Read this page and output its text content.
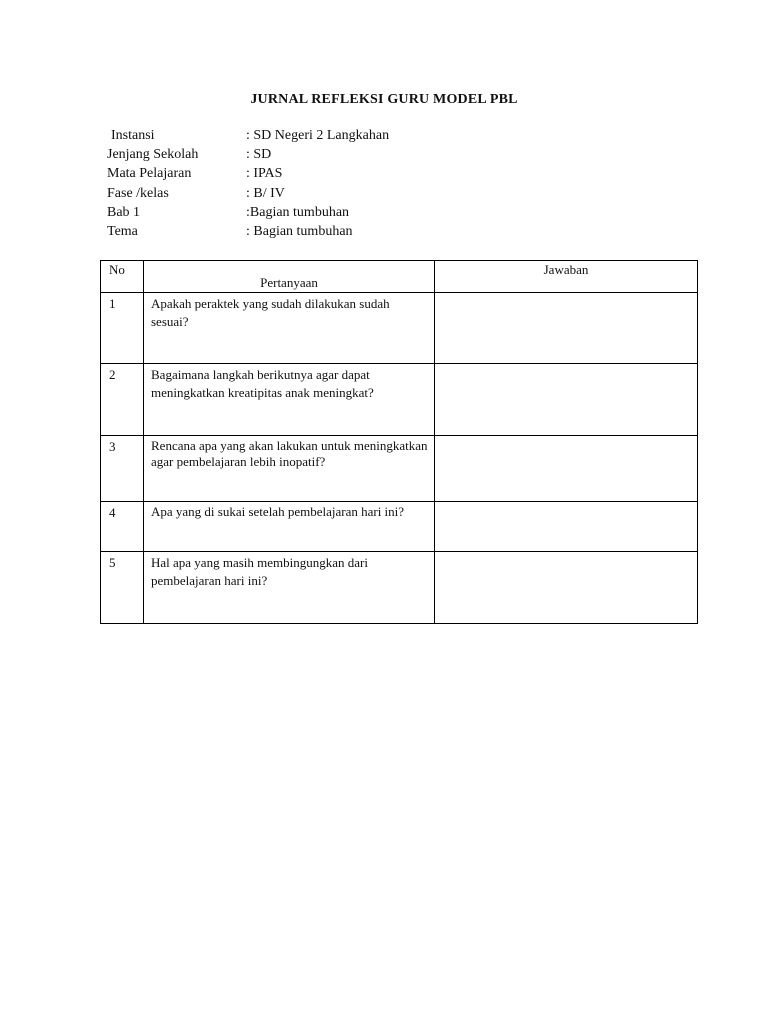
JURNAL REFLEKSI GURU MODEL PBL
Instansi	: SD Negeri 2 Langkahan
Jenjang Sekolah	: SD
Mata Pelajaran	: IPAS
Fase /kelas	: B/ IV
Bab 1	:Bagian tumbuhan
Tema	: Bagian tumbuhan
No	Pertanyaan	Jawaban
1	Apakah peraktek yang sudah dilakukan sudah sesuai?	
2	Bagaimana langkah berikutnya agar dapat meningkatkan kreatipitas anak meningkat?	
3	Rencana apa yang akan lakukan untuk meningkatkan agar pembelajaran lebih inopatif?	
4	Apa yang di sukai setelah pembelajaran hari ini?	
5	Hal apa yang masih membingungkan dari pembelajaran hari ini?	
